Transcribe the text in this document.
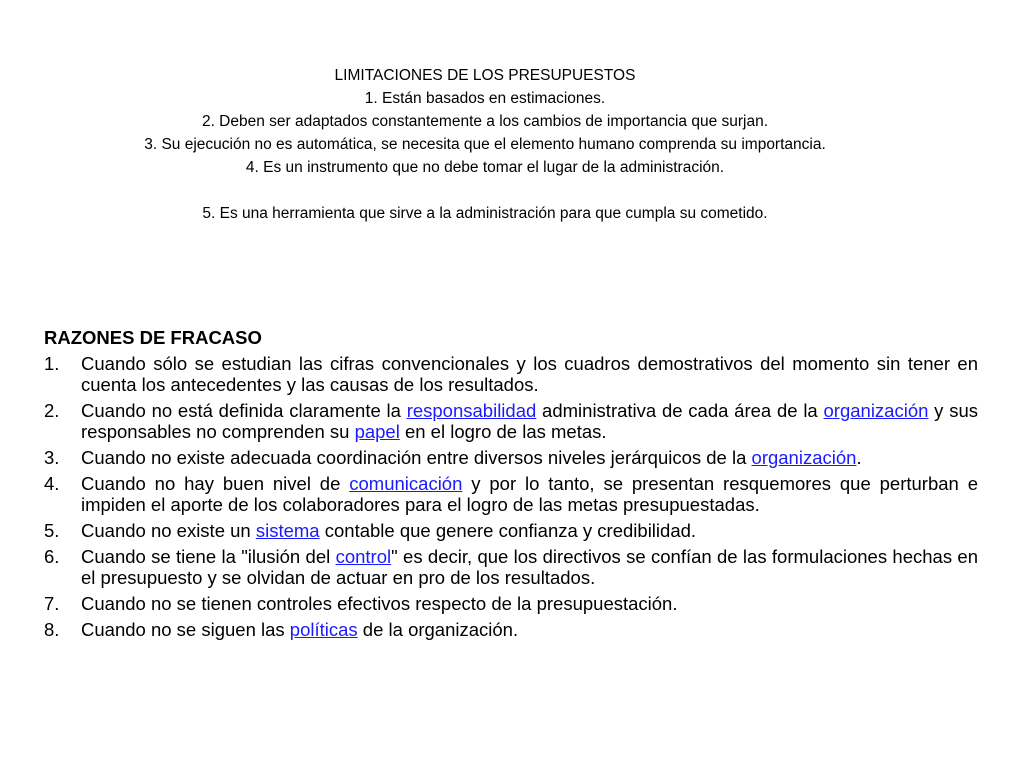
LIMITACIONES DE LOS PRESUPUESTOS
1. Están basados en estimaciones.
2. Deben ser adaptados constantemente a los cambios de importancia que surjan.
3. Su ejecución no es automática, se necesita que el elemento humano comprenda su importancia.
4. Es un instrumento que no debe tomar el lugar de la administración.
5. Es una herramienta que sirve a la administración para que cumpla su cometido.
RAZONES DE FRACASO
1.	Cuando sólo se estudian las cifras convencionales y los cuadros demostrativos del momento sin tener en cuenta los antecedentes y las causas de los resultados.
2.	Cuando no está definida claramente la responsabilidad administrativa de cada área de la organización y sus responsables no comprenden su papel en el logro de las metas.
3.	Cuando no existe adecuada coordinación entre diversos niveles jerárquicos de la organización.
4.	Cuando no hay buen nivel de comunicación y por lo tanto, se presentan resquemores que perturban e impiden el aporte de los colaboradores para el logro de las metas presupuestadas.
5.	Cuando no existe un sistema contable que genere confianza y credibilidad.
6.	Cuando se tiene la "ilusión del control" es decir, que los directivos se confían de las formulaciones hechas en el presupuesto y se olvidan de actuar en pro de los resultados.
7.	Cuando no se tienen controles efectivos respecto de la presupuestación.
8.	Cuando no se siguen las políticas de la organización.
